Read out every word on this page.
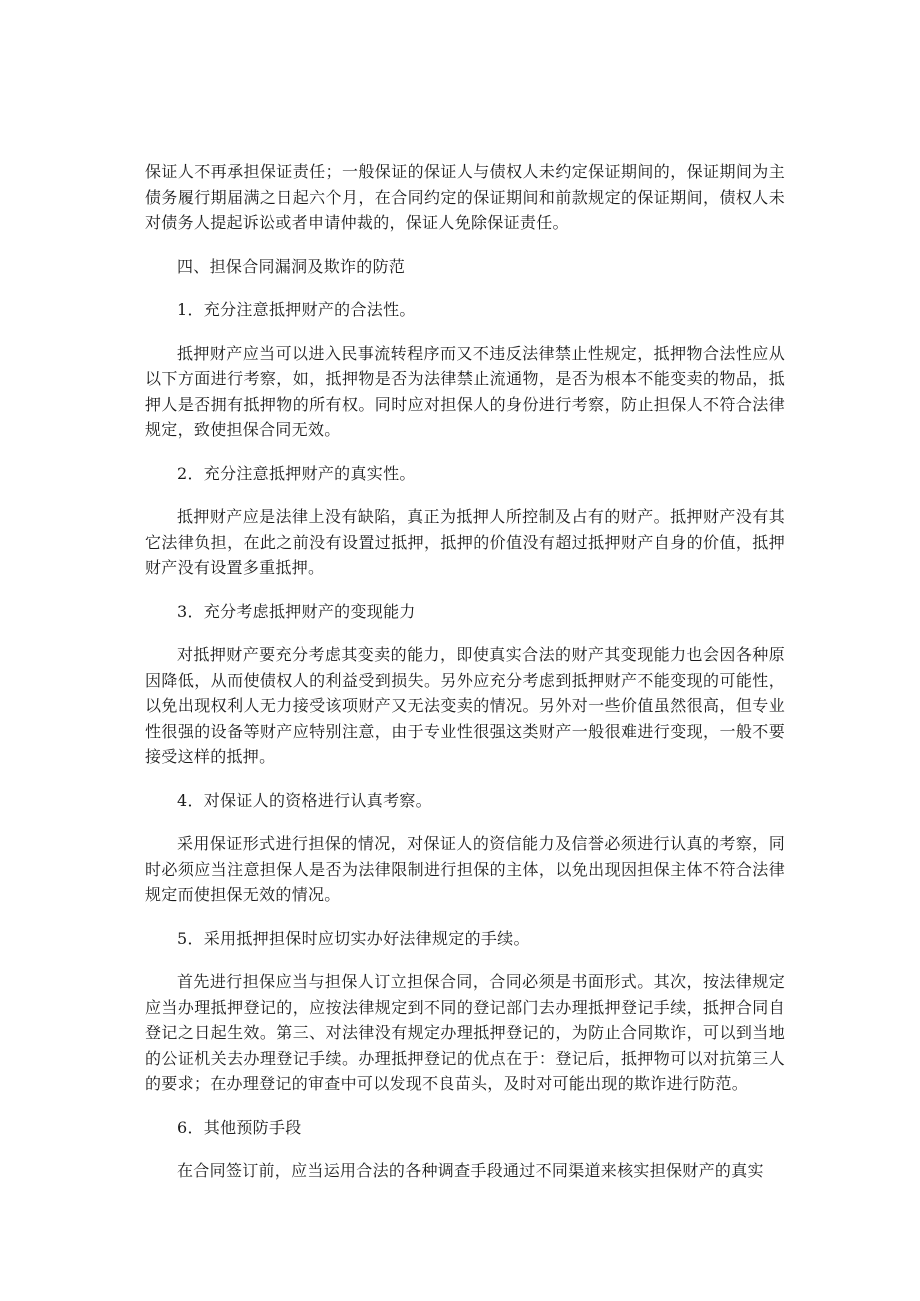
保证人不再承担保证责任；一般保证的保证人与债权人未约定保证期间的，保证期间为主债务履行期届满之日起六个月，在合同约定的保证期间和前款规定的保证期间，债权人未对债务人提起诉讼或者申请仲裁的，保证人免除保证责任。

四、担保合同漏洞及欺诈的防范

1．充分注意抵押财产的合法性。

抵押财产应当可以进入民事流转程序而又不违反法律禁止性规定，抵押物合法性应从以下方面进行考察，如，抵押物是否为法律禁止流通物，是否为根本不能变卖的物品，抵押人是否拥有抵押物的所有权。同时应对担保人的身份进行考察，防止担保人不符合法律规定，致使担保合同无效。

2．充分注意抵押财产的真实性。

抵押财产应是法律上没有缺陷，真正为抵押人所控制及占有的财产。抵押财产没有其它法律负担，在此之前没有设置过抵押，抵押的价值没有超过抵押财产自身的价值，抵押财产没有设置多重抵押。

3．充分考虑抵押财产的变现能力

对抵押财产要充分考虑其变卖的能力，即使真实合法的财产其变现能力也会因各种原因降低，从而使债权人的利益受到损失。另外应充分考虑到抵押财产不能变现的可能性，以免出现权利人无力接受该项财产又无法变卖的情况。另外对一些价值虽然很高，但专业性很强的设备等财产应特别注意，由于专业性很强这类财产一般很难进行变现，一般不要接受这样的抵押。

4．对保证人的资格进行认真考察。

采用保证形式进行担保的情况，对保证人的资信能力及信誉必须进行认真的考察，同时必须应当注意担保人是否为法律限制进行担保的主体，以免出现因担保主体不符合法律规定而使担保无效的情况。

5．采用抵押担保时应切实办好法律规定的手续。

首先进行担保应当与担保人订立担保合同，合同必须是书面形式。其次，按法律规定应当办理抵押登记的，应按法律规定到不同的登记部门去办理抵押登记手续，抵押合同自登记之日起生效。第三、对法律没有规定办理抵押登记的，为防止合同欺诈，可以到当地的公证机关去办理登记手续。办理抵押登记的优点在于：登记后，抵押物可以对抗第三人的要求；在办理登记的审查中可以发现不良苗头，及时对可能出现的欺诈进行防范。

6．其他预防手段

在合同签订前，应当运用合法的各种调查手段通过不同渠道来核实担保财产的真实
